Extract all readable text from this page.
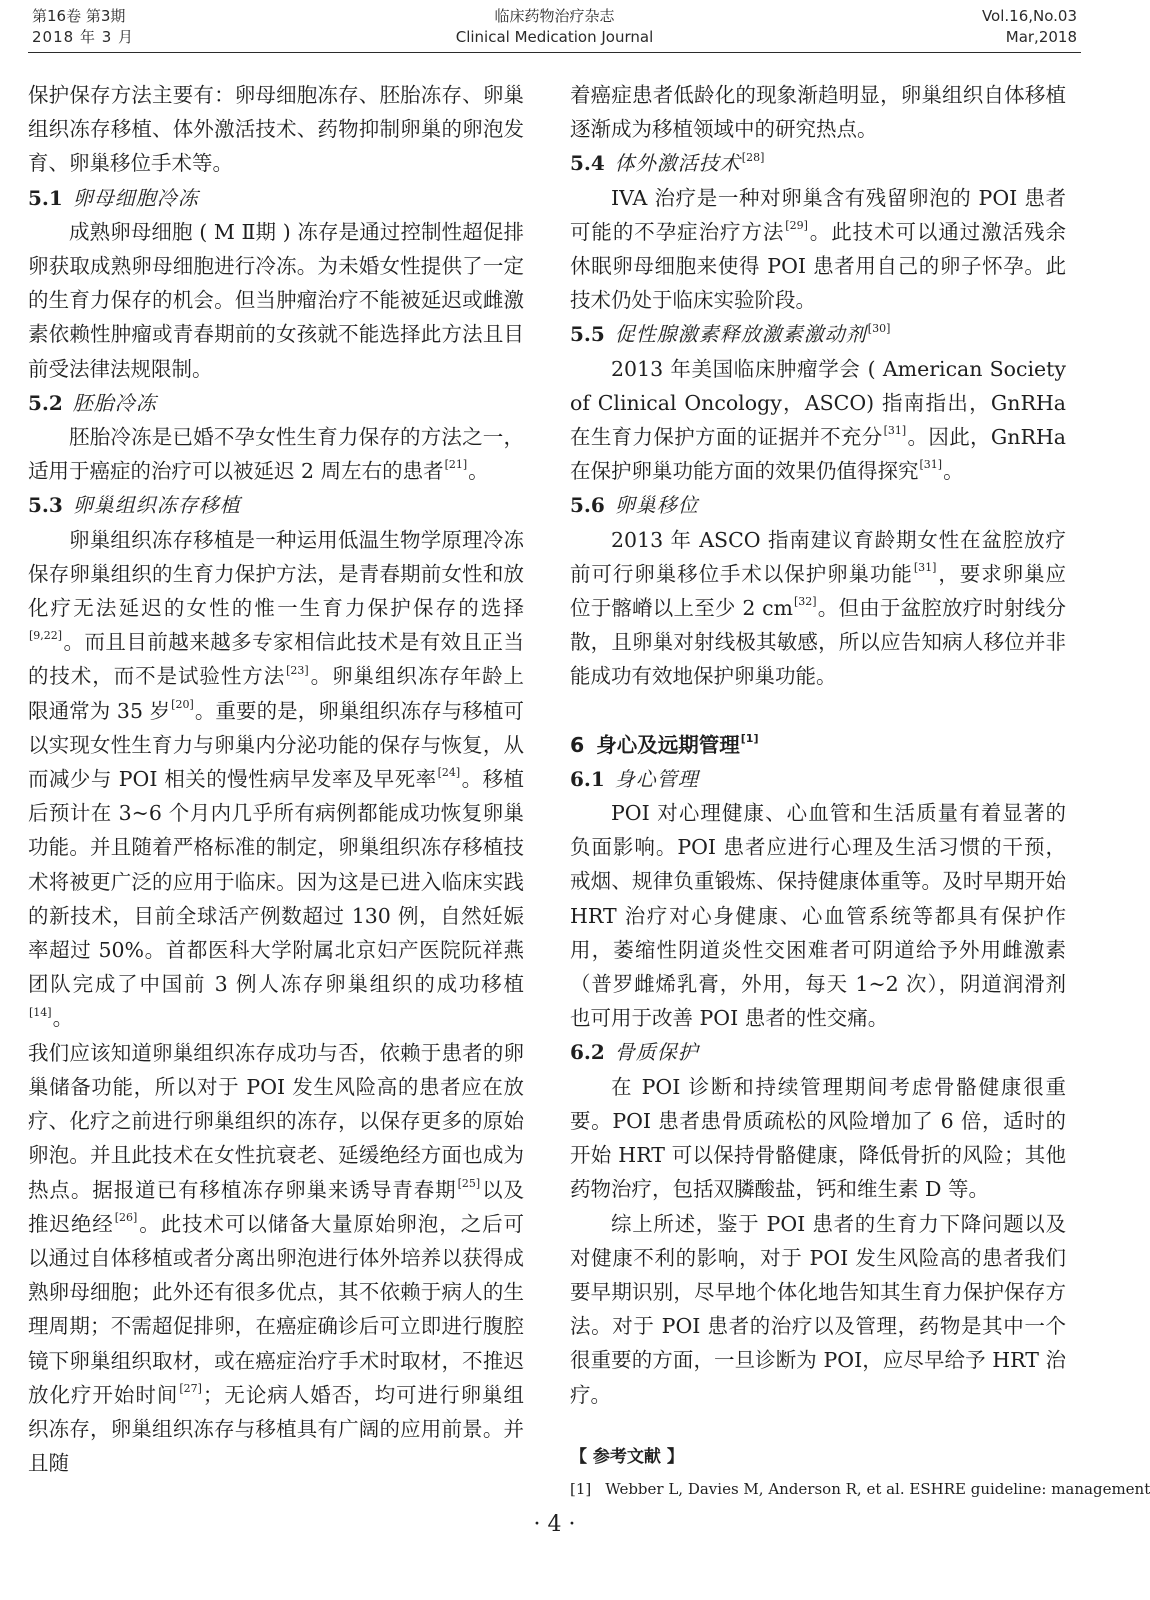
第16卷 第3期
2018 年 3 月
临床药物治疗杂志
Clinical Medication Journal
Vol.16,No.03
Mar,2018

保护保存方法主要有：卵母细胞冻存、胚胎冻存、卵巢组织冻存移植、体外激活技术、药物抑制卵巢的卵泡发育、卵巢移位手术等。

5.1 卵母细胞冷冻

成熟卵母细胞 ( M Ⅱ期 ) 冻存是通过控制性超促排卵获取成熟卵母细胞进行冷冻。为未婚女性提供了一定的生育力保存的机会。但当肿瘤治疗不能被延迟或雌激素依赖性肿瘤或青春期前的女孩就不能选择此方法且目前受法律法规限制。

5.2 胚胎冷冻

胚胎冷冻是已婚不孕女性生育力保存的方法之一，适用于癌症的治疗可以被延迟 2 周左右的患者[21]。

5.3 卵巢组织冻存移植

卵巢组织冻存移植是一种运用低温生物学原理冷冻保存卵巢组织的生育力保护方法，是青春期前女性和放化疗无法延迟的女性的惟一生育力保护保存的选择[9,22]。而且目前越来越多专家相信此技术是有效且正当的技术，而不是试验性方法[23]。卵巢组织冻存年龄上限通常为 35 岁[20]。重要的是，卵巢组织冻存与移植可以实现女性生育力与卵巢内分泌功能的保存与恢复，从而减少与 POI 相关的慢性病早发率及早死率[24]。移植后预计在 3~6 个月内几乎所有病例都能成功恢复卵巢功能。并且随着严格标准的制定，卵巢组织冻存移植技术将被更广泛的应用于临床。因为这是已进入临床实践的新技术，目前全球活产例数超过 130 例，自然妊娠率超过 50%。首都医科大学附属北京妇产医院阮祥燕团队完成了中国前 3 例人冻存卵巢组织的成功移植[14]。

我们应该知道卵巢组织冻存成功与否，依赖于患者的卵巢储备功能，所以对于 POI 发生风险高的患者应在放疗、化疗之前进行卵巢组织的冻存，以保存更多的原始卵泡。并且此技术在女性抗衰老、延缓绝经方面也成为热点。据报道已有移植冻存卵巢来诱导青春期[25]以及推迟绝经[26]。此技术可以储备大量原始卵泡，之后可以通过自体移植或者分离出卵泡进行体外培养以获得成熟卵母细胞；此外还有很多优点，其不依赖于病人的生理周期；不需超促排卵，在癌症确诊后可立即进行腹腔镜下卵巢组织取材，或在癌症治疗手术时取材，不推迟放化疗开始时间[27]；无论病人婚否，均可进行卵巢组织冻存，卵巢组织冻存与移植具有广阔的应用前景。并且随

着癌症患者低龄化的现象渐趋明显，卵巢组织自体移植逐渐成为移植领域中的研究热点。

5.4 体外激活技术[28]

IVA 治疗是一种对卵巢含有残留卵泡的 POI 患者可能的不孕症治疗方法[29]。此技术可以通过激活残余休眠卵母细胞来使得 POI 患者用自己的卵子怀孕。此技术仍处于临床实验阶段。

5.5 促性腺激素释放激素激动剂[30]

2013 年美国临床肿瘤学会 ( American Society of Clinical Oncology，ASCO) 指南指出，GnRHa 在生育力保护方面的证据并不充分[31]。因此，GnRHa 在保护卵巢功能方面的效果仍值得探究[31]。

5.6 卵巢移位

2013 年 ASCO 指南建议育龄期女性在盆腔放疗前可行卵巢移位手术以保护卵巢功能[31]，要求卵巢应位于髂嵴以上至少 2 cm[32]。但由于盆腔放疗时射线分散，且卵巢对射线极其敏感，所以应告知病人移位并非能成功有效地保护卵巢功能。

6 身心及远期管理[1]
6.1 身心管理

POI 对心理健康、心血管和生活质量有着显著的负面影响。POI 患者应进行心理及生活习惯的干预，戒烟、规律负重锻炼、保持健康体重等。及时早期开始 HRT 治疗对心身健康、心血管系统等都具有保护作用，萎缩性阴道炎性交困难者可阴道给予外用雌激素（普罗雌烯乳膏，外用，每天 1~2 次），阴道润滑剂也可用于改善 POI 患者的性交痛。

6.2 骨质保护

在 POI 诊断和持续管理期间考虑骨骼健康很重要。POI 患者患骨质疏松的风险增加了 6 倍，适时的开始 HRT 可以保持骨骼健康，降低骨折的风险；其他药物治疗，包括双膦酸盐，钙和维生素 D 等。

综上所述，鉴于 POI 患者的生育力下降问题以及对健康不利的影响，对于 POI 发生风险高的患者我们要早期识别，尽早地个体化地告知其生育力保护保存方法。对于 POI 患者的治疗以及管理，药物是其中一个很重要的方面，一旦诊断为 POI，应尽早给予 HRT 治疗。

【 参考文献 】
[1] Webber L, Davies M, Anderson R, et al. ESHRE guideline: management
· 4 ·
